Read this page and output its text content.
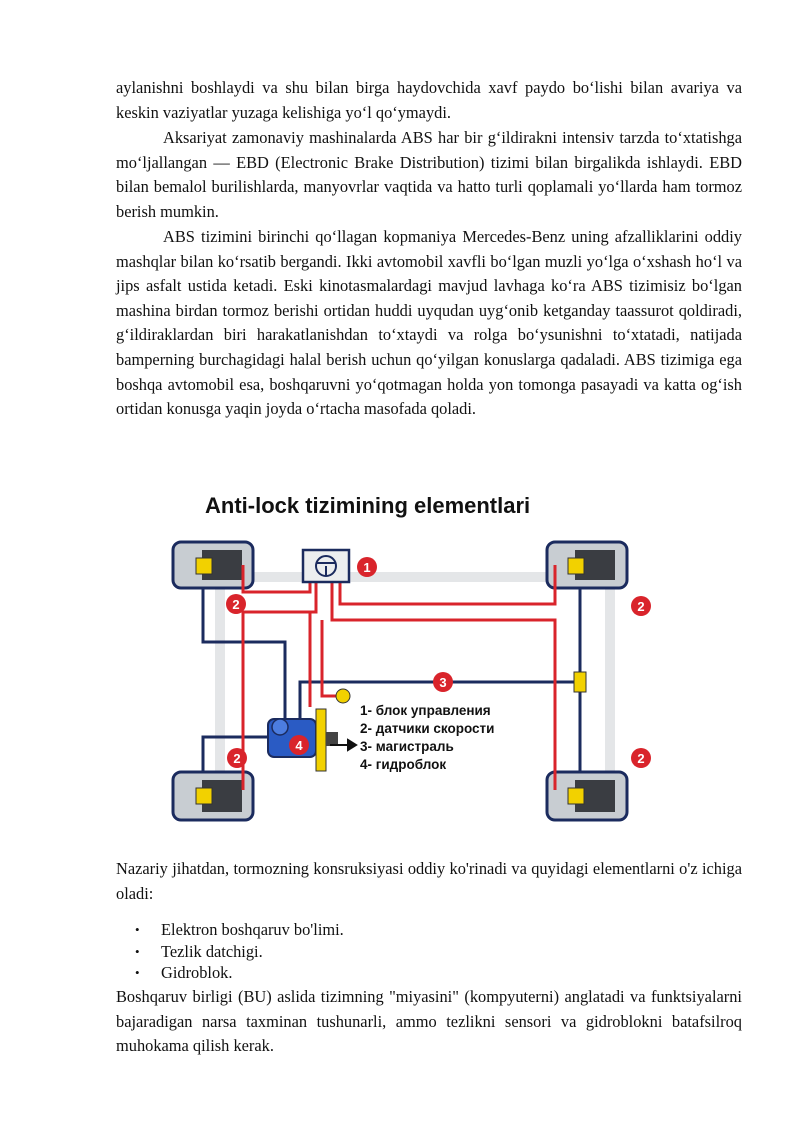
aylanishni boshlaydi va shu bilan birga haydovchida xavf paydo bo‘lishi bilan avariya va keskin vaziyatlar yuzaga kelishiga yo‘l qo‘ymaydi.

Aksariyat zamonaviy mashinalarda ABS har bir g‘ildirakni intensiv tarzda to‘xtatishga mo‘ljallangan — EBD (Electronic Brake Distribution) tizimi bilan birgalikda ishlaydi. EBD bilan bemalol burilishlarda, manyovrlar vaqtida va hatto turli qoplamali yo‘llarda ham tormoz berish mumkin.

ABS tizimini birinchi qo‘llagan kopmaniya Mercedes-Benz uning afzalliklarini oddiy mashqlar bilan ko‘rsatib bergandi. Ikki avtomobil xavfli bo‘lgan muzli yo‘lga o‘xshash ho‘l va jips asfalt ustida ketadi. Eski kinotasmalardagi mavjud lavhaga ko‘ra ABS tizimisiz bo‘lgan mashina birdan tormoz berishi ortidan huddi uyqudan uyg‘onib ketganday taassurot qoldiradi, g‘ildiraklardan biri harakatlanishdan to‘xtaydi va rolga bo‘ysunishni to‘xtatadi, natijada bamperning burchagidagi halal berish uchun qo‘yilgan konuslarga qadaladi. ABS tizimiga ega boshqa avtomobil esa, boshqaruvni yo‘qotmagan holda yon tomonga pasayadi va katta og‘ish ortidan konusga yaqin joyda o‘rtacha masofada qoladi.

Anti-lock tizimining elementlari
1
2	2
2	2
3
4
1- блок управления
2- датчики скорости
3- магистраль
4- гидроблок

Nazariy jihatdan, tormozning konsruksiyasi oddiy ko'rinadi va quyidagi elementlarni o'z ichiga oladi:

• Elektron boshqaruv bo'limi.
• Tezlik datchigi.
• Gidroblok.

Boshqaruv birligi (BU) aslida tizimning "miyasini" (kompyuterni) anglatadi va funktsiyalarni bajaradigan narsa taxminan tushunarli, ammo tezlikni sensori va gidroblokni batafsilroq muhokama qilish kerak.
